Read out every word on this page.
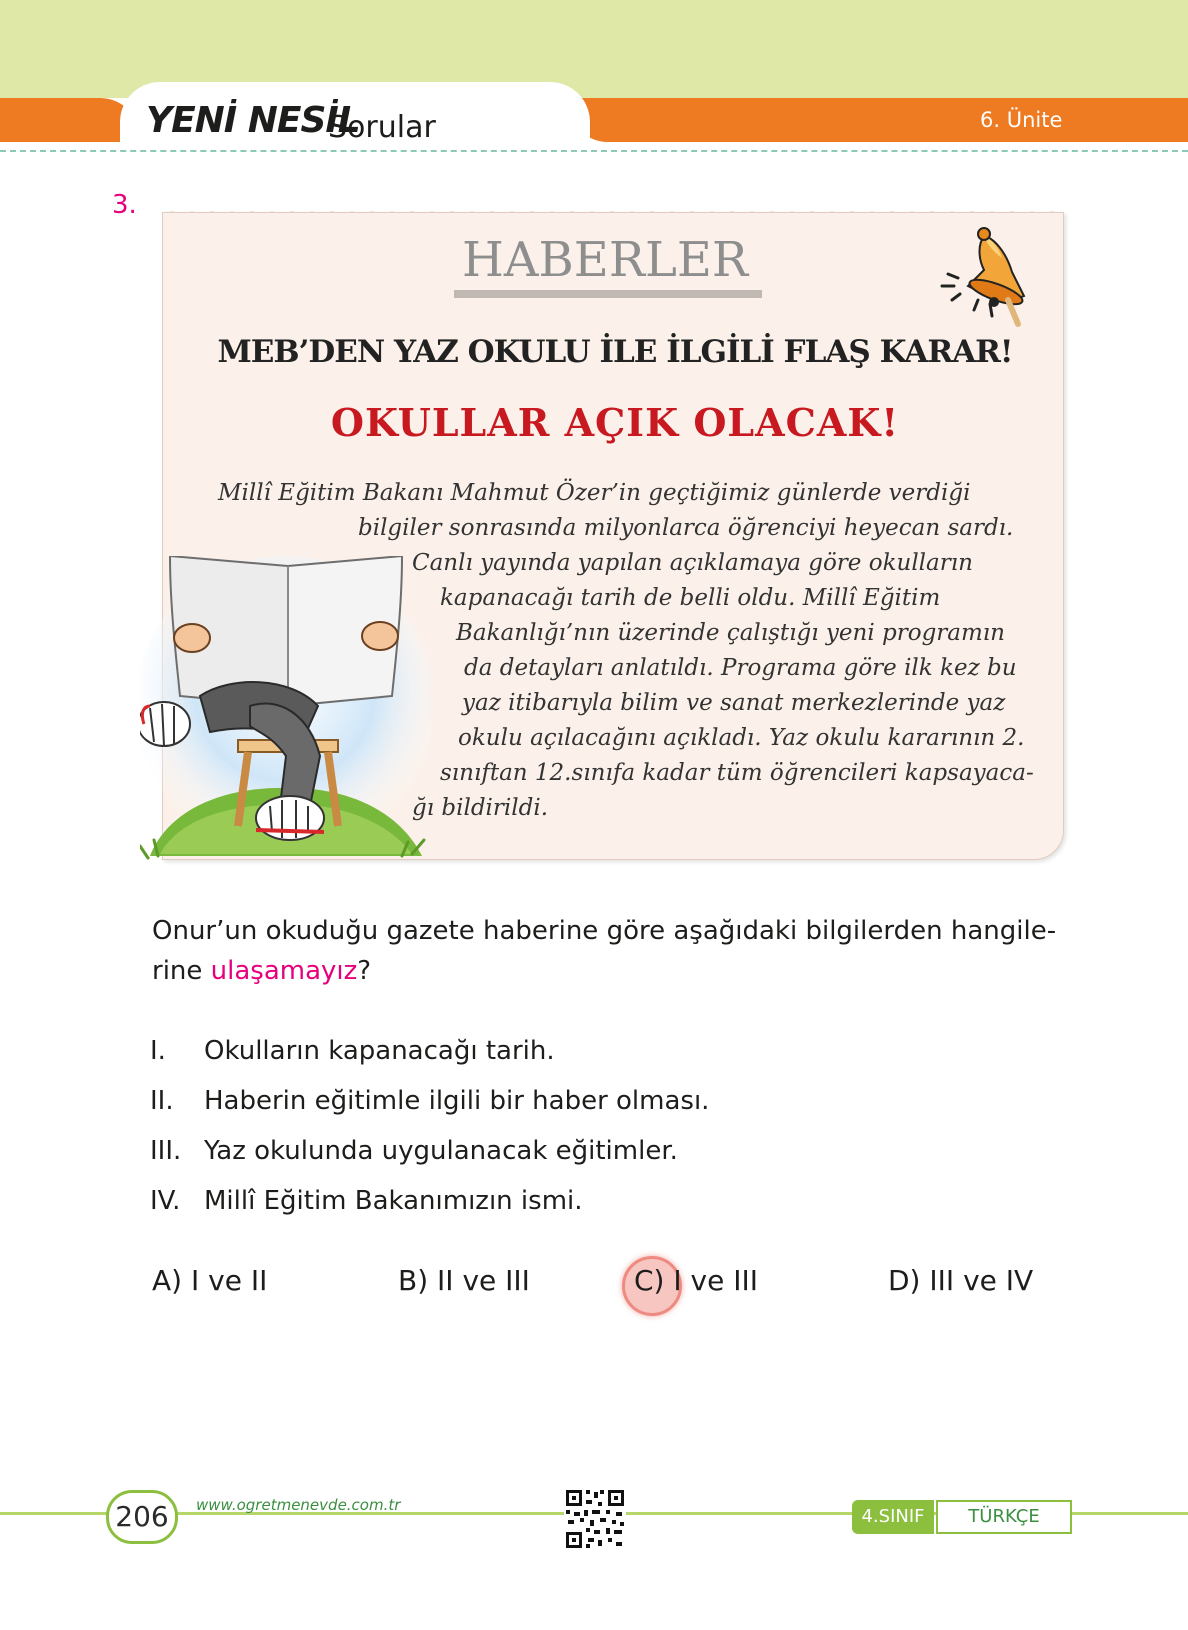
YENİ NESİL
Sorular	6. Ünite
3.
HABERLER
MEB’DEN YAZ OKULU İLE İLGİLİ FLAŞ KARAR!
OKULLAR AÇIK OLACAK!
Millî Eğitim Bakanı Mahmut Özer’in geçtiğimiz günlerde verdiği
bilgiler sonrasında milyonlarca öğrenciyi heyecan sardı.
Canlı yayında yapılan açıklamaya göre okulların
kapanacağı tarih de belli oldu. Millî Eğitim
Bakanlığı’nın üzerinde çalıştığı yeni programın
da detayları anlatıldı. Programa göre ilk kez bu
yaz itibarıyla bilim ve sanat merkezlerinde yaz
okulu açılacağını açıkladı. Yaz okulu kararının 2.
sınıftan 12.sınıfa kadar tüm öğrencileri kapsayaca-
ğı bildirildi.
Onur’un okuduğu gazete haberine göre aşağıdaki bilgilerden hangile-
rine ulaşamayız?
I. Okulların kapanacağı tarih.
II. Haberin eğitimle ilgili bir haber olması.
III. Yaz okulunda uygulanacak eğitimler.
IV. Millî Eğitim Bakanımızın ismi.
A) I ve II	B) II ve III	C) I ve III	D) III ve IV
206	www.ogretmenevde.com.tr
4.SINIF	TÜRKÇE
